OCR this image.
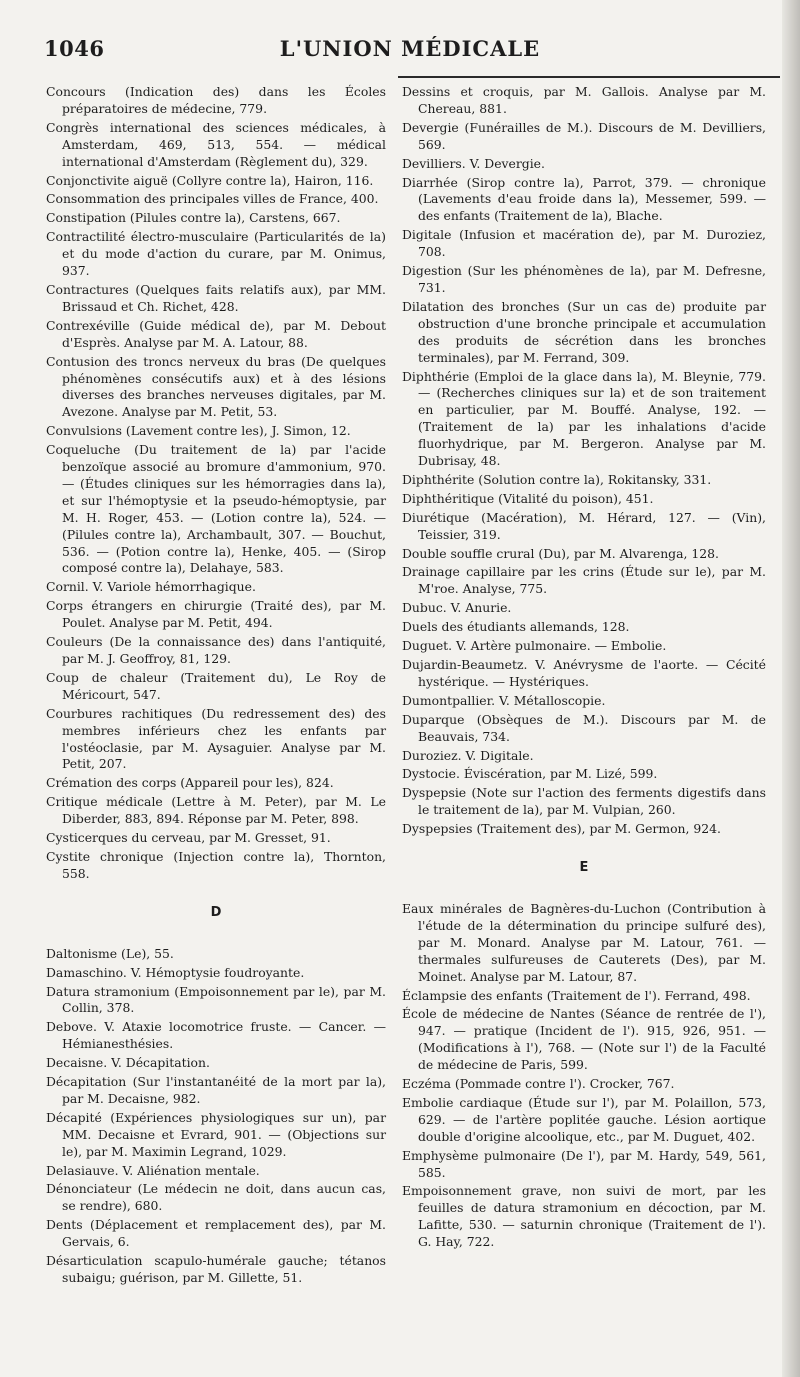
1046	L'UNION MÉDICALE

Concours (Indication des) dans les Écoles préparatoires de médecine, 779.

Congrès international des sciences médicales, à Amsterdam, 469, 513, 554. — médical international d'Amsterdam (Règlement du), 329.

Conjonctivite aiguë (Collyre contre la), Hairon, 116.

Consommation des principales villes de France, 400.

Constipation (Pilules contre la), Carstens, 667.

Contractilité électro-musculaire (Particularités de la) et du mode d'action du curare, par M. Onimus, 937.

Contractures (Quelques faits relatifs aux), par MM. Brissaud et Ch. Richet, 428.

Contrexéville (Guide médical de), par M. Debout d'Esprès. Analyse par M. A. Latour, 88.

Contusion des troncs nerveux du bras (De quelques phénomènes consécutifs aux) et à des lésions diverses des branches nerveuses digitales, par M. Avezone. Analyse par M. Petit, 53.

Convulsions (Lavement contre les), J. Simon, 12.

Coqueluche (Du traitement de la) par l'acide benzoïque associé au bromure d'ammonium, 970. — (Études cliniques sur les hémorragies dans la), et sur l'hémoptysie et la pseudo-hémoptysie, par M. H. Roger, 453. — (Lotion contre la), 524. — (Pilules contre la), Archambault, 307. — Bouchut, 536. — (Potion contre la), Henke, 405. — (Sirop composé contre la), Delahaye, 583.

Cornil. V. Variole hémorrhagique.

Corps étrangers en chirurgie (Traité des), par M. Poulet. Analyse par M. Petit, 494.

Couleurs (De la connaissance des) dans l'antiquité, par M. J. Geoffroy, 81, 129.

Coup de chaleur (Traitement du), Le Roy de Méricourt, 547.

Courbures rachitiques (Du redressement des) des membres inférieurs chez les enfants par l'ostéoclasie, par M. Aysaguier. Analyse par M. Petit, 207.

Crémation des corps (Appareil pour les), 824.

Critique médicale (Lettre à M. Peter), par M. Le Diberder, 883, 894. Réponse par M. Peter, 898.

Cysticerques du cerveau, par M. Gresset, 91.

Cystite chronique (Injection contre la), Thornton, 558.

D

Daltonisme (Le), 55.

Damaschino. V. Hémoptysie foudroyante.

Datura stramonium (Empoisonnement par le), par M. Collin, 378.

Debove. V. Ataxie locomotrice fruste. — Cancer. — Hémianesthésies.

Decaisne. V. Décapitation.

Décapitation (Sur l'instantanéité de la mort par la), par M. Decaisne, 982.

Décapité (Expériences physiologiques sur un), par MM. Decaisne et Evrard, 901. — (Objections sur le), par M. Maximin Legrand, 1029.

Delasiauve. V. Aliénation mentale.

Dénonciateur (Le médecin ne doit, dans aucun cas, se rendre), 680.

Dents (Déplacement et remplacement des), par M. Gervais, 6.

Désarticulation scapulo-humérale gauche; tétanos subaigu; guérison, par M. Gillette, 51.

Dessins et croquis, par M. Gallois. Analyse par M. Chereau, 881.

Devergie (Funérailles de M.). Discours de M. Devilliers, 569.

Devilliers. V. Devergie.

Diarrhée (Sirop contre la), Parrot, 379. — chronique (Lavements d'eau froide dans la), Messemer, 599. — des enfants (Traitement de la), Blache.

Digitale (Infusion et macération de), par M. Duroziez, 708.

Digestion (Sur les phénomènes de la), par M. Defresne, 731.

Dilatation des bronches (Sur un cas de) produite par obstruction d'une bronche principale et accumulation des produits de sécrétion dans les bronches terminales), par M. Ferrand, 309.

Diphthérie (Emploi de la glace dans la), M. Bleynie, 779. — (Recherches cliniques sur la) et de son traitement en particulier, par M. Bouffé. Analyse, 192. — (Traitement de la) par les inhalations d'acide fluorhydrique, par M. Bergeron. Analyse par M. Dubrisay, 48.

Diphthérite (Solution contre la), Rokitansky, 331.

Diphthéritique (Vitalité du poison), 451.

Diurétique (Macération), M. Hérard, 127. — (Vin), Teissier, 319.

Double souffle crural (Du), par M. Alvarenga, 128.

Drainage capillaire par les crins (Étude sur le), par M. M'roe. Analyse, 775.

Dubuc. V. Anurie.

Duels des étudiants allemands, 128.

Duguet. V. Artère pulmonaire. — Embolie.

Dujardin-Beaumetz. V. Anévrysme de l'aorte. — Cécité hystérique. — Hystériques.

Dumontpallier. V. Métalloscopie.

Duparque (Obsèques de M.). Discours par M. de Beauvais, 734.

Duroziez. V. Digitale.

Dystocie. Éviscération, par M. Lizé, 599.

Dyspepsie (Note sur l'action des ferments digestifs dans le traitement de la), par M. Vulpian, 260.

Dyspepsies (Traitement des), par M. Germon, 924.

E

Eaux minérales de Bagnères-du-Luchon (Contribution à l'étude de la détermination du principe sulfuré des), par M. Monard. Analyse par M. Latour, 761. — thermales sulfureuses de Cauterets (Des), par M. Moinet. Analyse par M. Latour, 87.

Éclampsie des enfants (Traitement de l'). Ferrand, 498.

École de médecine de Nantes (Séance de rentrée de l'), 947. — pratique (Incident de l'). 915, 926, 951. — (Modifications à l'), 768. — (Note sur l') de la Faculté de médecine de Paris, 599.

Eczéma (Pommade contre l'). Crocker, 767.

Embolie cardiaque (Étude sur l'), par M. Polaillon, 573, 629. — de l'artère poplitée gauche. Lésion aortique double d'origine alcoolique, etc., par M. Duguet, 402.

Emphysème pulmonaire (De l'), par M. Hardy, 549, 561, 585.

Empoisonnement grave, non suivi de mort, par les feuilles de datura stramonium en décoction, par M. Lafitte, 530. — saturnin chronique (Traitement de l'). G. Hay, 722.
